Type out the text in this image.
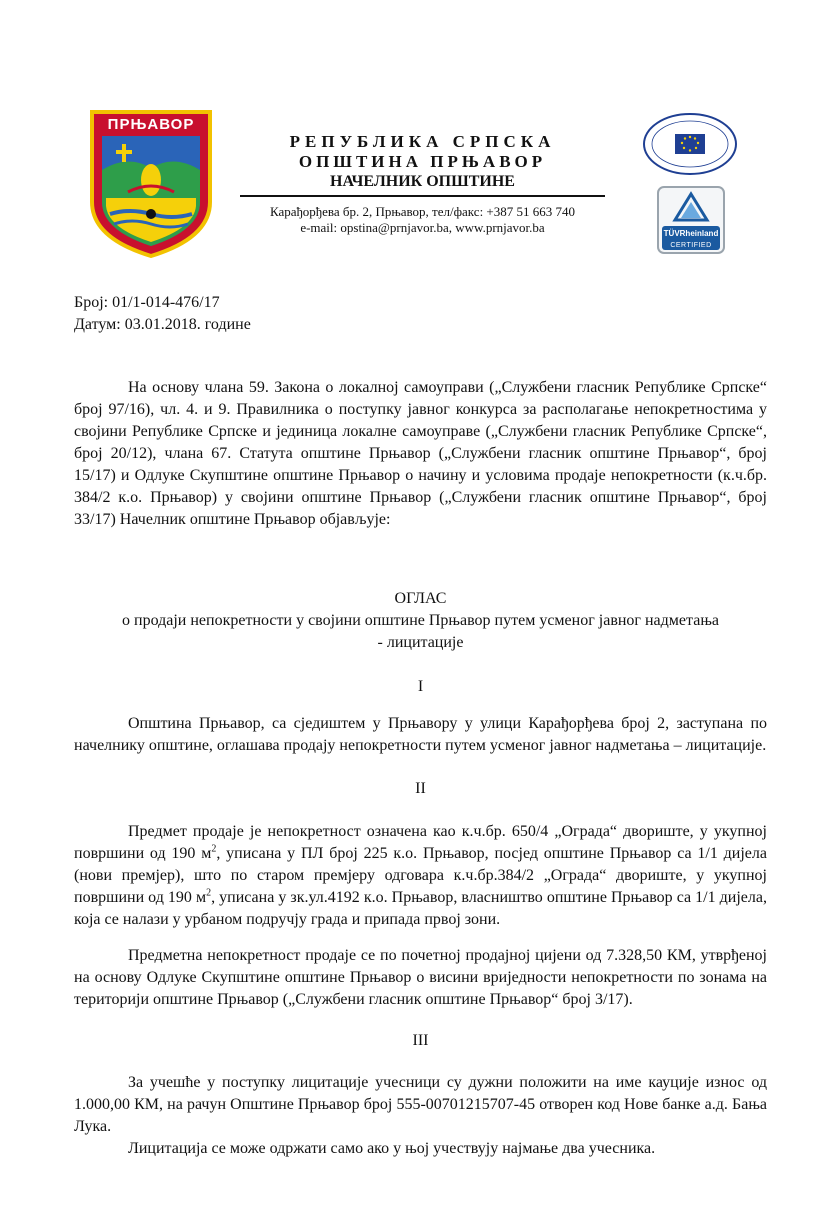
ПРЊАВОР
РЕПУБЛИКА СРПСКА
ОПШТИНА ПРЊАВОР
НАЧЕЛНИК ОПШТИНЕ
Карађорђева бр. 2, Прњавор, тел/факс: +387 51 663 740
e-mail: opstina@prnjavor.ba, www.prnjavor.ba	TÜVRheinland
CERTIFIED
Број: 01/1-014-476/17
Датум: 03.01.2018. године

На основу члана 59. Закона о локалној самоуправи („Службени гласник Републике Српске“ број 97/16), чл. 4. и 9. Правилника о поступку јавног конкурса за располагање непокретностима у својини Републике Српске и јединица локалне самоуправе („Службени гласник Републике Српске“, број 20/12), члана 67. Статута општине Прњавор („Службени гласник општине Прњавор“, број 15/17) и Одлуке Скупштине општине Прњавор о начину и условима продаје непокретности (к.ч.бр. 384/2 к.о. Прњавор) у својини општине Прњавор („Службени гласник општине Прњавор“, број 33/17) Начелник општине Прњавор објављује:

ОГЛАС

о продаји непокретности у својини општине Прњавор путем усменог јавног надметања

- лицитације

I

Општина Прњавор, са сједиштем у Прњавору у улици Карађорђева број 2, заступана по начелнику општине, оглашава продају непокретности путем усменог јавног надметања – лицитације.

II

Предмет продаје је непокретност означена као к.ч.бр. 650/4 „Ограда“ двориште, у укупној површини од 190 $м^2$, уписана у ПЛ број 225 к.о. Прњавор, посјед општине Прњавор са 1/1 дијела (нови премјер), што по старом премјеру одговара к.ч.бр.384/2 „Ограда“ двориште, у укупној површини од 190 $м^2$, уписана у зк.ул.4192 к.о. Прњавор, власништво општине Прњавор са 1/1 дијела, која се налази у урбаном подручју града и припада првој зони.

Предметна непокретност продаје се по почетној продајној цијени од 7.328,50 КМ, утврђеној на основу Одлуке Скупштине општине Прњавор о висини вриједности непокретности по зонама на територији општине Прњавор („Службени гласник општине Прњавор“ број 3/17).

III

За учешће у поступку лицитације учесници су дужни положити на име кауције износ од 1.000,00 КМ, на рачун Општине Прњавор број 555-00701215707-45 отворен код Нове банке а.д. Бања Лука.

Лицитација се може одржати само ако у њој учествују најмање два учесника.
